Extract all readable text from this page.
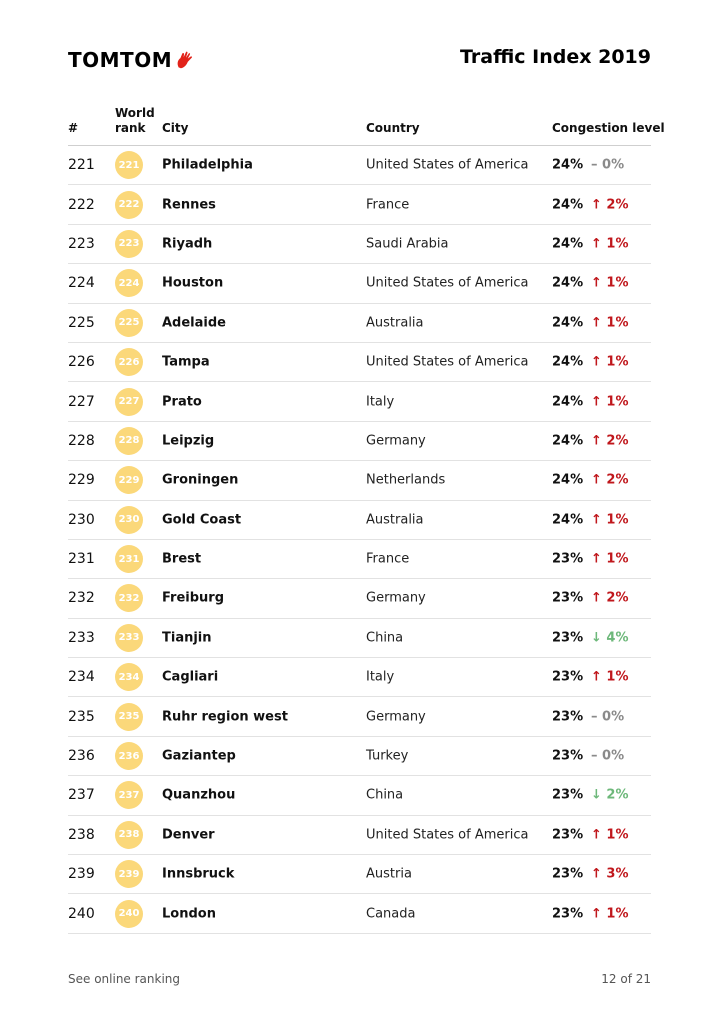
TOMTOM	Traffic Index 2019
#
World rank	City	Country	Congestion level
221	221 Philadelphia	United States of America 24% – 0%
222	222 Rennes	France	24% ↑ 2%
223	223 Riyadh	Saudi Arabia	24% ↑ 1%
224	224 Houston	United States of America 24% ↑ 1%
225	225 Adelaide	Australia	24% ↑ 1%
226	226 Tampa	United States of America 24% ↑ 1%
227	227 Prato	Italy	24% ↑ 1%
228	228 Leipzig	Germany	24% ↑ 2%
229	229 Groningen	Netherlands	24% ↑ 2%
230	230 Gold Coast	Australia	24% ↑ 1%
231	231 Brest	France	23% ↑ 1%
232	232 Freiburg	Germany	23% ↑ 2%
233	233 Tianjin	China	23% ↓ 4%
234	234 Cagliari	Italy	23% ↑ 1%
235	235 Ruhr region west	Germany	23% – 0%
236	236 Gaziantep	Turkey	23% – 0%
237	237 Quanzhou	China	23% ↓ 2%
238	238 Denver	United States of America 23% ↑ 1%
239	239 Innsbruck	Austria	23% ↑ 3%
240	240 London	Canada	23% ↑ 1%
See online ranking	12 of 21
